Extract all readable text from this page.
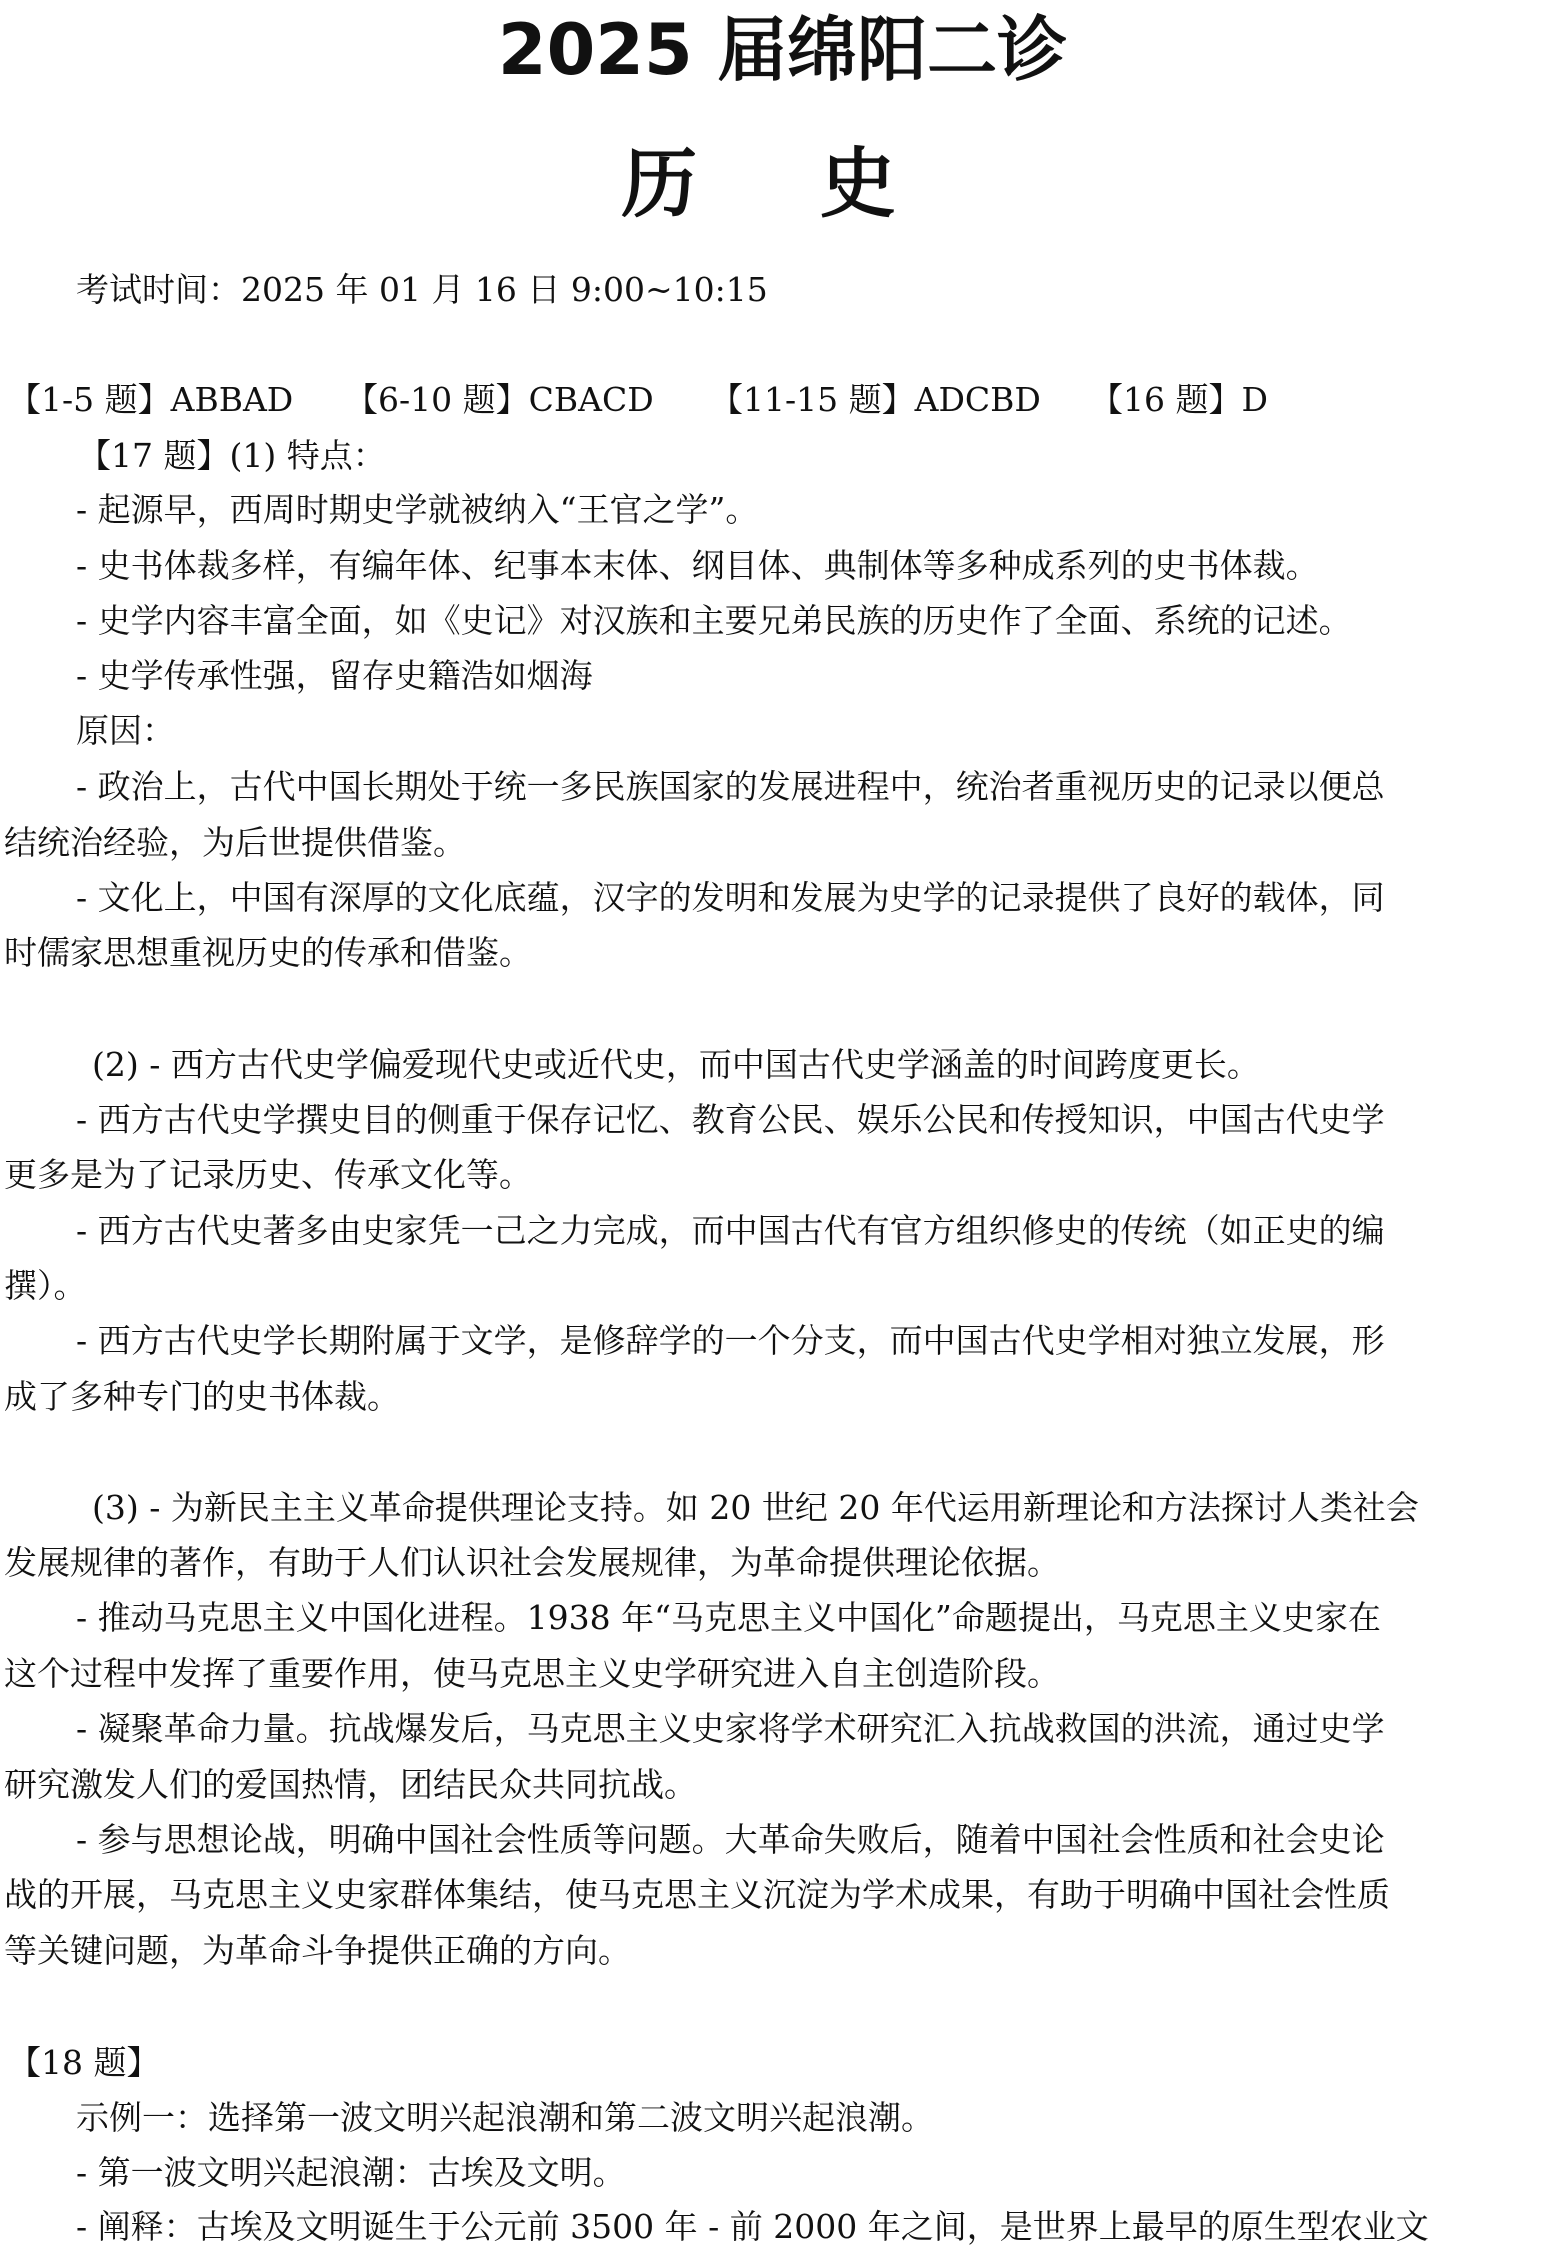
2025 届绵阳二诊
历 史

考试时间：2025 年 01 月 16 日 9:00~10:15

【1-5 题】ABBAD 【6-10 题】CBACD 【11-15 题】ADCBD 【16 题】D

【17 题】(1) 特点：

- 起源早，西周时期史学就被纳入“王官之学”。

- 史书体裁多样，有编年体、纪事本末体、纲目体、典制体等多种成系列的史书体裁。

- 史学内容丰富全面，如《史记》对汉族和主要兄弟民族的历史作了全面、系统的记述。

- 史学传承性强，留存史籍浩如烟海

原因：

- 政治上，古代中国长期处于统一多民族国家的发展进程中，统治者重视历史的记录以便总

结统治经验，为后世提供借鉴。

- 文化上，中国有深厚的文化底蕴，汉字的发明和发展为史学的记录提供了良好的载体，同

时儒家思想重视历史的传承和借鉴。

(2) - 西方古代史学偏爱现代史或近代史，而中国古代史学涵盖的时间跨度更长。

- 西方古代史学撰史目的侧重于保存记忆、教育公民、娱乐公民和传授知识，中国古代史学

更多是为了记录历史、传承文化等。

- 西方古代史著多由史家凭一己之力完成，而中国古代有官方组织修史的传统（如正史的编

撰）。

- 西方古代史学长期附属于文学，是修辞学的一个分支，而中国古代史学相对独立发展，形

成了多种专门的史书体裁。

(3) - 为新民主主义革命提供理论支持。如 20 世纪 20 年代运用新理论和方法探讨人类社会

发展规律的著作，有助于人们认识社会发展规律，为革命提供理论依据。

- 推动马克思主义中国化进程。1938 年“马克思主义中国化”命题提出，马克思主义史家在

这个过程中发挥了重要作用，使马克思主义史学研究进入自主创造阶段。

- 凝聚革命力量。抗战爆发后，马克思主义史家将学术研究汇入抗战救国的洪流，通过史学

研究激发人们的爱国热情，团结民众共同抗战。

- 参与思想论战，明确中国社会性质等问题。大革命失败后，随着中国社会性质和社会史论

战的开展，马克思主义史家群体集结，使马克思主义沉淀为学术成果，有助于明确中国社会性质

等关键问题，为革命斗争提供正确的方向。

【18 题】

示例一：选择第一波文明兴起浪潮和第二波文明兴起浪潮。

- 第一波文明兴起浪潮：古埃及文明。

- 阐释：古埃及文明诞生于公元前 3500 年 - 前 2000 年之间，是世界上最早的原生型农业文
